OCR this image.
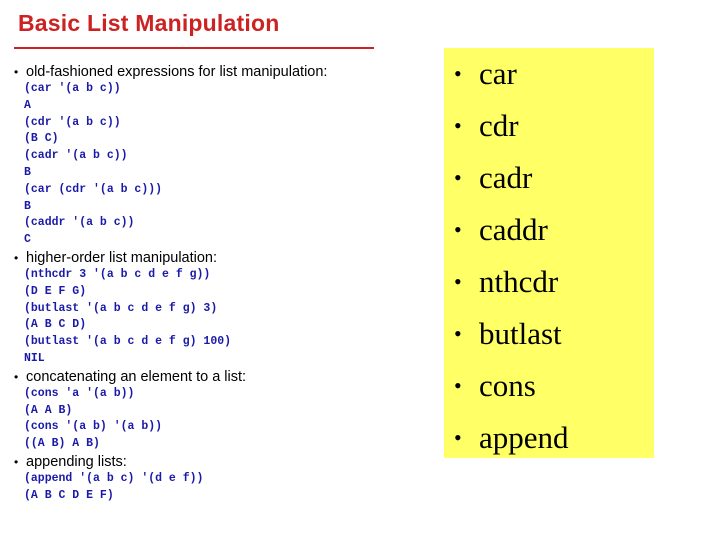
Basic List Manipulation
• old-fashioned expressions for list manipulation:
(car '(a b c))
A
(cdr '(a b c))
(B C)
(cadr '(a b c))
B
(car (cdr '(a b c)))
B
(caddr '(a b c))
C
• higher-order list manipulation:
(nthcdr 3 '(a b c d e f g))
(D E F G)
(butlast '(a b c d e f g) 3)
(A B C D)
(butlast '(a b c d e f g) 100)
NIL
• concatenating an element to a list:
(cons 'a '(a b))
(A A B)
(cons '(a b) '(a b))
((A B) A B)
• appending lists:
(append '(a b c) '(d e f))
(A B C D E F)
• car
• cdr
• cadr
• caddr
• nthcdr
• butlast
• cons
• append
